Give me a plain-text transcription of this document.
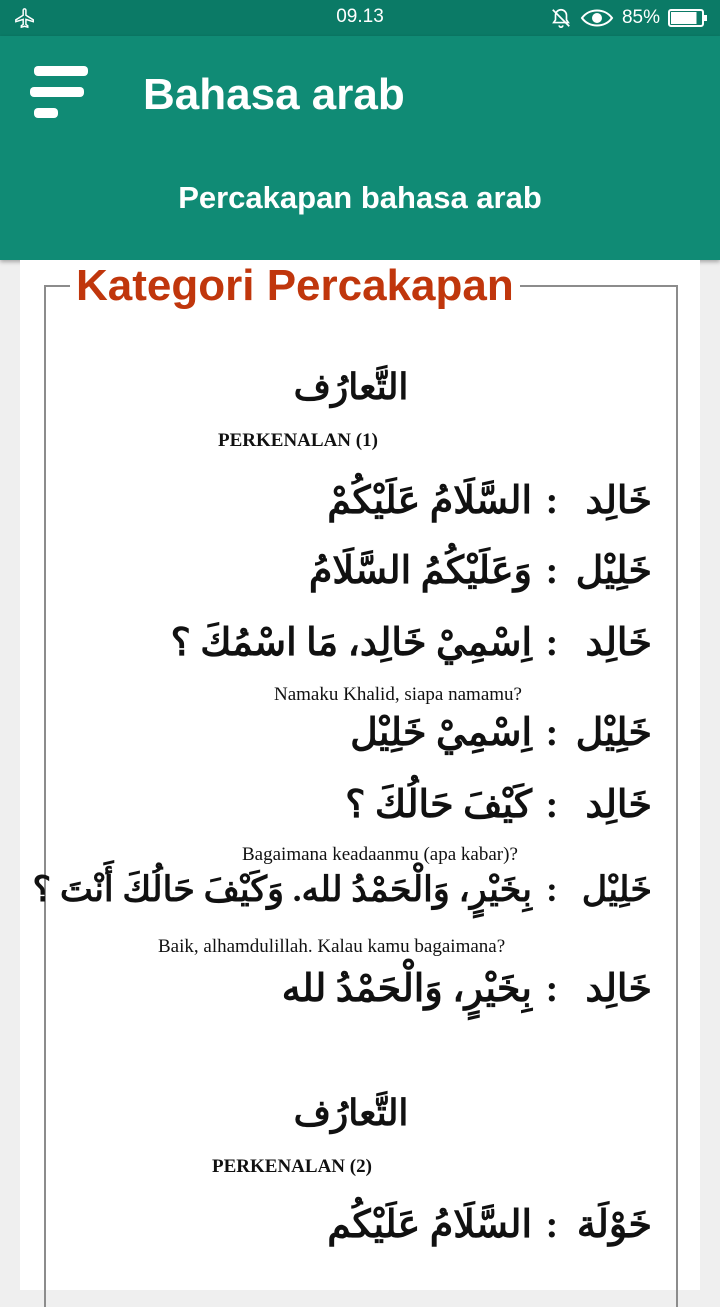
09.13	85%
Bahasa arab
Percakapan bahasa arab
Kategori Percakapan
التَّعارُف
PERKENALAN (1)
خَالِد:السَّلَامُ عَلَيْكُمْ
خَلِيْل:وَعَلَيْكُمُ السَّلَامُ
خَالِد:اِسْمِيْ خَالِد، مَا اسْمُكَ ؟
Namaku Khalid, siapa namamu?
خَلِيْل:اِسْمِيْ خَلِيْل
خَالِد:كَيْفَ حَالُكَ ؟
Bagaimana keadaanmu (apa kabar)?
خَلِيْل:بِخَيْرٍ، وَالْحَمْدُ لله. وَكَيْفَ حَالُكَ أَنْتَ ؟
Baik, alhamdulillah. Kalau kamu bagaimana?
خَالِد:بِخَيْرٍ، وَالْحَمْدُ لله
التَّعارُف
PERKENALAN (2)
خَوْلَة:السَّلَامُ عَلَيْكُم
